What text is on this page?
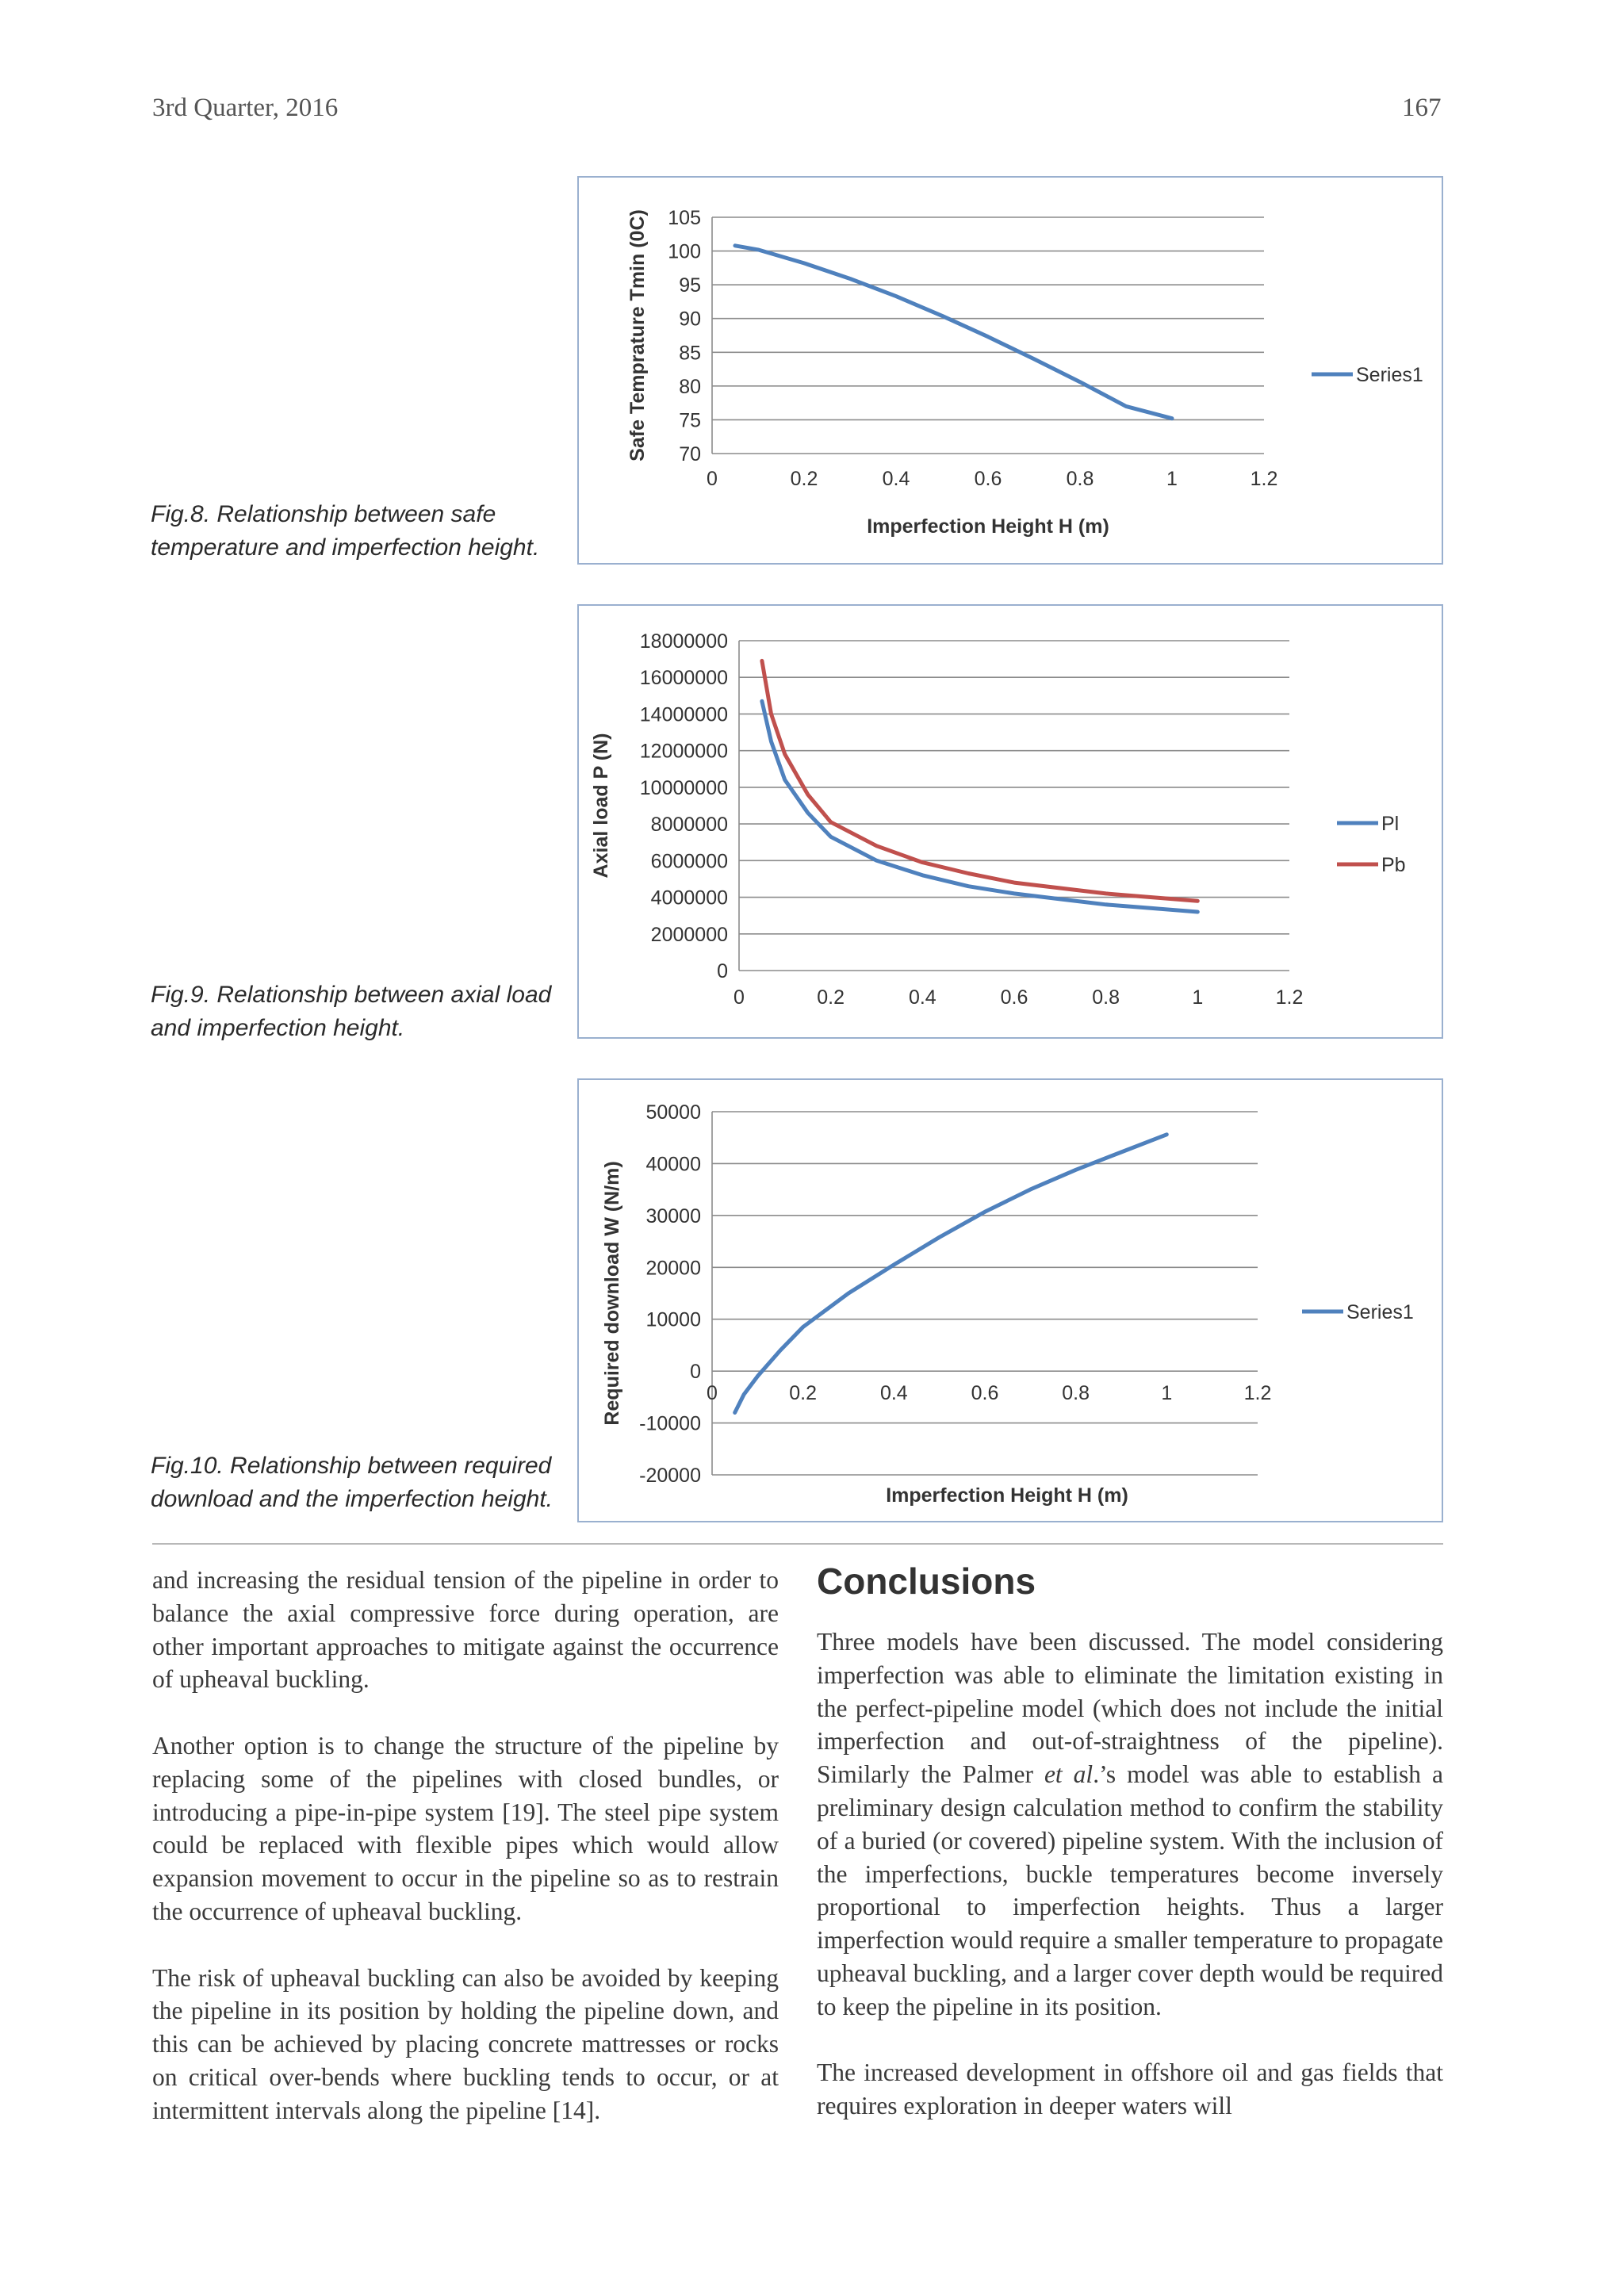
3rd Quarter, 2016	167
70
75
80
85
90
95
100
105
0	0.2	0.4	0.6	0.8	1	1.2
Imperfection Height H (m)
Safe Temprature Tmin (0C)	Series1
Fig.8. Relationship between safe
temperature and imperfection height.
0
2000000
4000000
6000000
8000000
10000000
12000000
14000000
16000000
18000000
0	0.2	0.4	0.6	0.8	1	1.2
Axial load P (N)	Pl
Pb
Fig.9. Relationship between axial load
and imperfection height.
-20000
-10000
0
10000
20000
30000
40000
50000
0	0.2	0.4	0.6	0.8	1	1.2
Imperfection Height H (m)
Required download W (N/m)	Series1
Fig.10. Relationship between required
download and the imperfection height.

and increasing the residual tension of the pipeline in order to balance the axial compressive force during operation, are other important approaches to mitigate against the occurrence of upheaval buckling.

Another option is to change the structure of the pipeline by replacing some of the pipelines with closed bundles, or introducing a pipe-in-pipe system [19]. The steel pipe system could be replaced with flexible pipes which would allow expansion movement to occur in the pipeline so as to restrain the occurrence of upheaval buckling.

The risk of upheaval buckling can also be avoided by keeping the pipeline in its position by holding the pipeline down, and this can be achieved by placing concrete mattresses or rocks on critical over-bends where buckling tends to occur, or at intermittent intervals along the pipeline [14].

Conclusions

Three models have been discussed. The model considering imperfection was able to eliminate the limitation existing in the perfect-pipeline model (which does not include the initial imperfection and out-of-straightness of the pipeline). Similarly the Palmer et al.’s model was able to establish a preliminary design calculation method to confirm the stability of a buried (or covered) pipeline system. With the inclusion of the imperfections, buckle temperatures become inversely proportional to imperfection heights. Thus a larger imperfection would require a smaller temperature to propagate upheaval buckling, and a larger cover depth would be required to keep the pipeline in its position.

The increased development in offshore oil and gas fields that requires exploration in deeper waters will
